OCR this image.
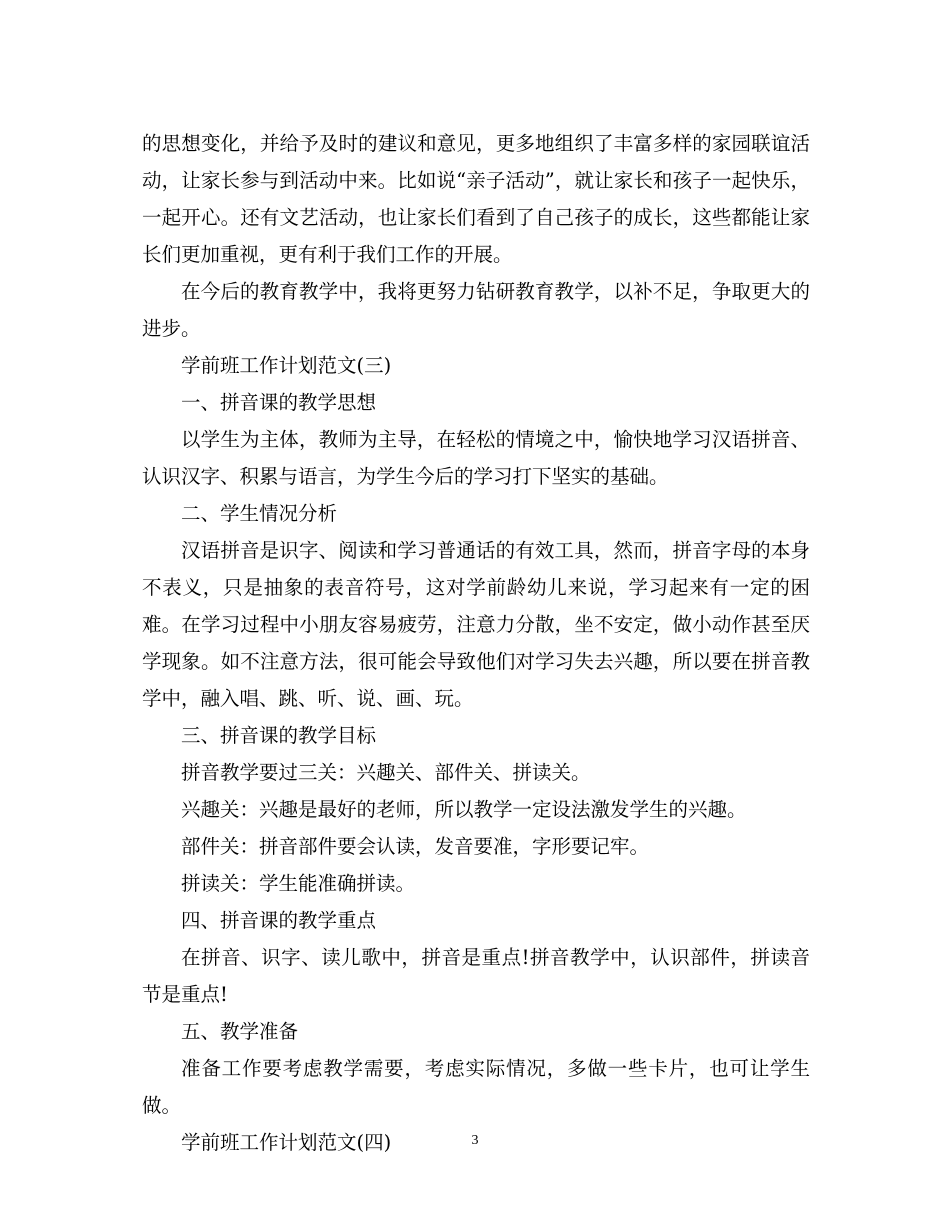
的思想变化，并给予及时的建议和意见，更多地组织了丰富多样的家园联谊活动，让家长参与到活动中来。比如说“亲子活动”，就让家长和孩子一起快乐，一起开心。还有文艺活动，也让家长们看到了自己孩子的成长，这些都能让家长们更加重视，更有利于我们工作的开展。

在今后的教育教学中，我将更努力钻研教育教学，以补不足，争取更大的进步。

学前班工作计划范文(三)

一、拼音课的教学思想

以学生为主体，教师为主导，在轻松的情境之中，愉快地学习汉语拼音、认识汉字、积累与语言，为学生今后的学习打下坚实的基础。

二、学生情况分析

汉语拼音是识字、阅读和学习普通话的有效工具，然而，拼音字母的本身不表义，只是抽象的表音符号，这对学前龄幼儿来说，学习起来有一定的困难。在学习过程中小朋友容易疲劳，注意力分散，坐不安定，做小动作甚至厌学现象。如不注意方法，很可能会导致他们对学习失去兴趣，所以要在拼音教学中，融入唱、跳、听、说、画、玩。

三、拼音课的教学目标

拼音教学要过三关：兴趣关、部件关、拼读关。

兴趣关：兴趣是最好的老师，所以教学一定设法激发学生的兴趣。

部件关：拼音部件要会认读，发音要准，字形要记牢。

拼读关：学生能准确拼读。

四、拼音课的教学重点

在拼音、识字、读儿歌中，拼音是重点!拼音教学中，认识部件，拼读音节是重点!

五、教学准备

准备工作要考虑教学需要，考虑实际情况，多做一些卡片，也可让学生做。

学前班工作计划范文(四)	3
